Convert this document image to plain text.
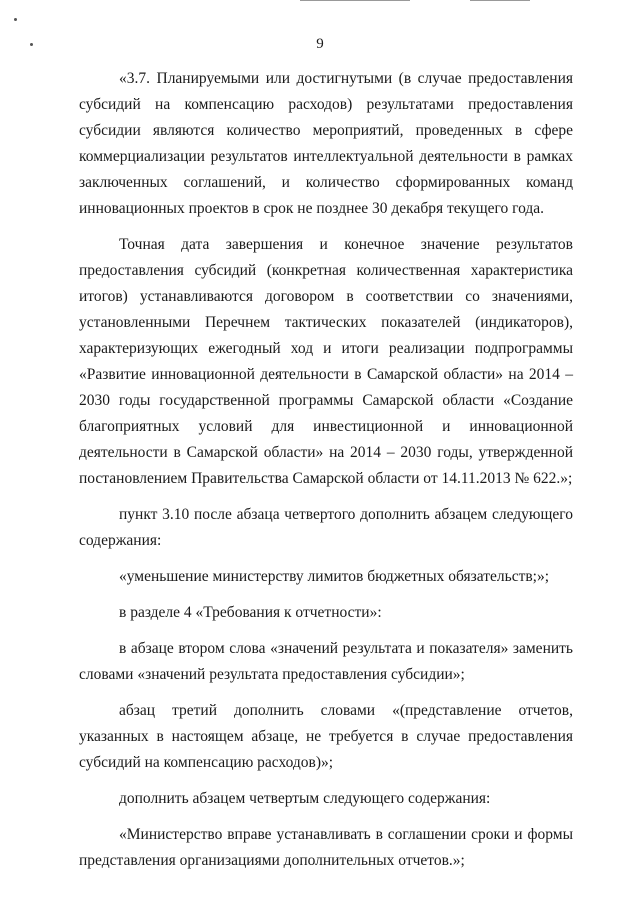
9

«3.7. Планируемыми или достигнутыми (в случае предоставления субсидий на компенсацию расходов) результатами предоставления субсидии являются количество мероприятий, проведенных в сфере коммерциализации результатов интеллектуальной деятельности в рамках заключенных соглашений, и количество сформированных команд инновационных проектов в срок не позднее 30 декабря текущего года.

Точная дата завершения и конечное значение результатов предоставления субсидий (конкретная количественная характеристика итогов) устанавливаются договором в соответствии со значениями, установленными Перечнем тактических показателей (индикаторов), характеризующих ежегодный ход и итоги реализации подпрограммы «Развитие инновационной деятельности в Самарской области» на 2014 – 2030 годы государственной программы Самарской области «Создание благоприятных условий для инвестиционной и инновационной деятельности в Самарской области» на 2014 – 2030 годы, утвержденной постановлением Правительства Самарской области от 14.11.2013 № 622.»;

пункт 3.10 после абзаца четвертого дополнить абзацем следующего содержания:

«уменьшение министерству лимитов бюджетных обязательств;»;

в разделе 4 «Требования к отчетности»:

в абзаце втором слова «значений результата и показателя» заменить словами «значений результата предоставления субсидии»;

абзац третий дополнить словами «(представление отчетов, указанных в настоящем абзаце, не требуется в случае предоставления субсидий на компенсацию расходов)»;

дополнить абзацем четвертым следующего содержания:

«Министерство вправе устанавливать в соглашении сроки и формы представления организациями дополнительных отчетов.»;
